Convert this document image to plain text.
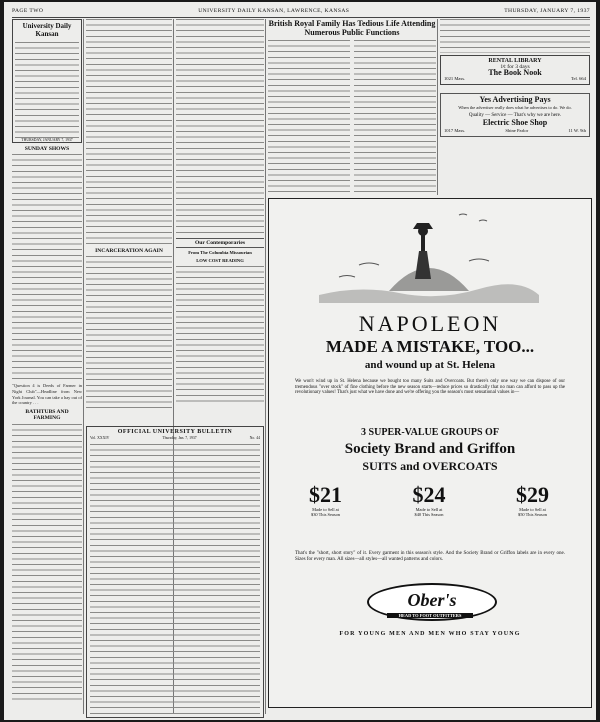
PAGE TWO	UNIVERSITY DAILY KANSAN, LAWRENCE, KANSAS	THURSDAY, JANUARY 7, 1937
University Daily Kansan
THURSDAY, JANUARY 7, 1937
SUNDAY SHOWS
"Question 4 is Deeds of Farmer in Night Club"—Headline from New York Journal. You can take a hay out of the country . . .
BATHTUBS AND FARMING
INCARCERATION AGAIN
Our Contemporaries
From The Columbia Missourian
LOW COST READING
OFFICIAL UNIVERSITY BULLETIN
Vol. XXXIV	Thursday, Jan. 7, 1937	No. 44
British Royal Family Has Tedious Life Attending Numerous Public Functions
RENTAL LIBRARY
1¢ for 3 days
The Book Nook
1021 Mass.	Tel. 664
Yes Advertising Pays
When the advertiser really does what he advertises to do. We do.
Quality — Service — That's why we are here.
Electric Shoe Shop
1017 Mass.	Shine Parlor	11 W. 9th
NAPOLEON
MADE A MISTAKE, TOO...
and wound up at St. Helena
We won't wind up in St. Helena because we bought too many Suits and Overcoats. But there's only one way we can dispose of our tremendous "over stock" of fine clothing before the new season starts—reduce prices so drastically that no man can afford to pass up the revolutionary values! That's just what we have done and we're offering you the season's most sensational values in—
3 SUPER-VALUE GROUPS OF
Society Brand and Griffon
SUITS and OVERCOATS
$21
Made to Sell at
$30 This Season
$24
Made to Sell at
$40 This Season
$29
Made to Sell at
$50 This Season
That's the "short, short story" of it. Every garment in this season's style. And the Society Brand or Griffon labels are in every one. Sizes for every man. All sizes—all styles—all wanted patterns and colors.
Ober's
HEAD TO FOOT OUTFITTERS
FOR YOUNG MEN AND MEN WHO STAY YOUNG
